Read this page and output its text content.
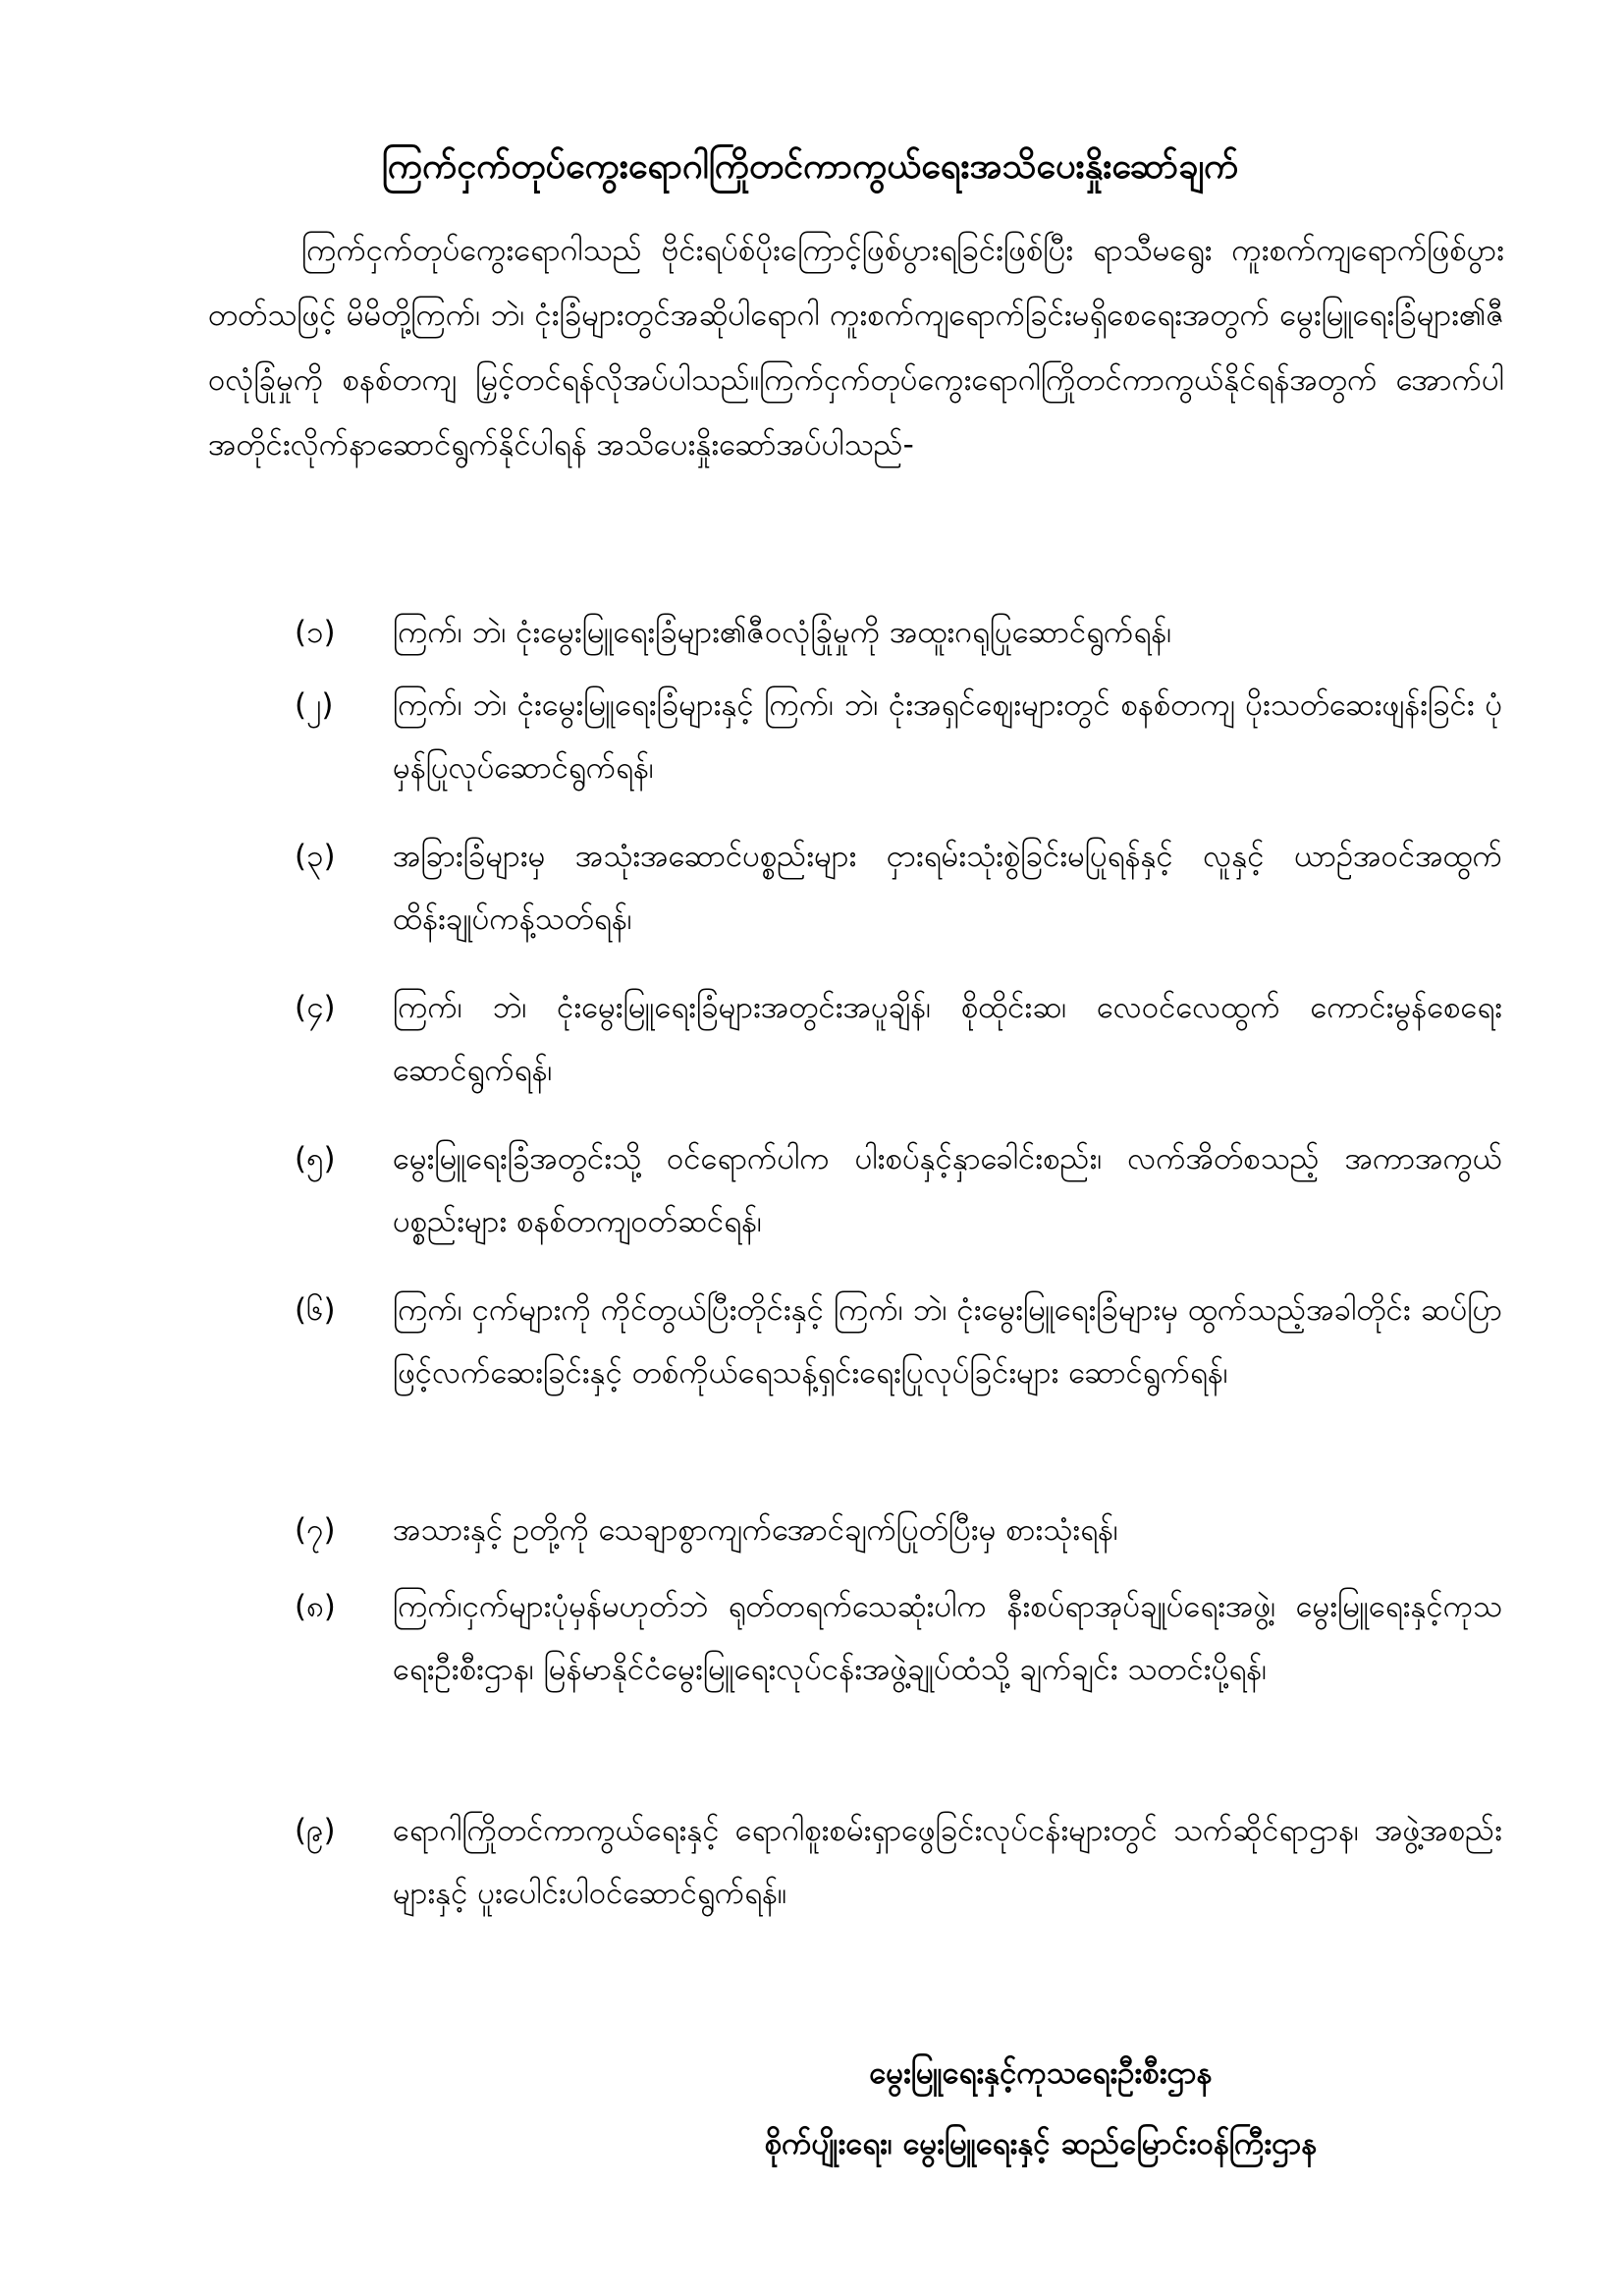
ကြက်ငှက်တုပ်ကွေးရောဂါကြိုတင်ကာကွယ်ရေးအသိပေးနှိုးဆော်ချက်

ကြက်ငှက်တုပ်ကွေးရောဂါသည် ဗိုင်းရပ်စ်ပိုးကြောင့်ဖြစ်ပွားရခြင်းဖြစ်ပြီး ရာသီမရွေး ကူးစက်ကျရောက်ဖြစ်ပွားတတ်သဖြင့် မိမိတို့ကြက်၊ ဘဲ၊ ငုံးခြံများတွင်အဆိုပါရောဂါ ကူးစက်ကျရောက်ခြင်းမရှိစေရေးအတွက် မွေးမြူရေးခြံများ၏ဇီဝလုံခြုံမှုကို စနစ်တကျ မြှင့်တင်ရန်လိုအပ်ပါသည်။ကြက်ငှက်တုပ်ကွေးရောဂါကြိုတင်ကာကွယ်နိုင်ရန်အတွက် အောက်ပါ အတိုင်းလိုက်နာဆောင်ရွက်နိုင်ပါရန် အသိပေးနှိုးဆော်အပ်ပါသည်-

(၁)	ကြက်၊ ဘဲ၊ ငုံးမွေးမြူရေးခြံများ၏ဇီဝလုံခြုံမှုကို အထူးဂရုပြုဆောင်ရွက်ရန်၊

(၂)	ကြက်၊ ဘဲ၊ ငုံးမွေးမြူရေးခြံများနှင့် ကြက်၊ ဘဲ၊ ငုံးအရှင်ဈေးများတွင် စနစ်တကျ ပိုးသတ်ဆေးဖျန်းခြင်း ပုံမှန်ပြုလုပ်ဆောင်ရွက်ရန်၊

(၃)	အခြားခြံများမှ အသုံးအဆောင်ပစ္စည်းများ ငှားရမ်းသုံးစွဲခြင်းမပြုရန်နှင့် လူနှင့် ယာဉ်အဝင်အထွက် ထိန်းချုပ်ကန့်သတ်ရန်၊

(၄)	ကြက်၊ ဘဲ၊ ငုံးမွေးမြူရေးခြံများအတွင်းအပူချိန်၊ စိုထိုင်းဆ၊ လေဝင်လေထွက် ကောင်းမွန်စေရေးဆောင်ရွက်ရန်၊

(၅)	မွေးမြူရေးခြံအတွင်းသို့ ဝင်ရောက်ပါက ပါးစပ်နှင့်နှာခေါင်းစည်း၊ လက်အိတ်စသည့် အကာအကွယ်ပစ္စည်းများ စနစ်တကျဝတ်ဆင်ရန်၊

(၆)	ကြက်၊ ငှက်များကို ကိုင်တွယ်ပြီးတိုင်းနှင့် ကြက်၊ ဘဲ၊ ငုံးမွေးမြူရေးခြံများမှ ထွက်သည့်အခါတိုင်း ဆပ်ပြာဖြင့်လက်ဆေးခြင်းနှင့် တစ်ကိုယ်ရေသန့်ရှင်းရေးပြုလုပ်ခြင်းများ ဆောင်ရွက်ရန်၊

(၇)	အသားနှင့် ဥတို့ကို သေချာစွာကျက်အောင်ချက်ပြုတ်ပြီးမှ စားသုံးရန်၊

(၈)	ကြက်၊ငှက်များပုံမှန်မဟုတ်ဘဲ ရုတ်တရက်သေဆုံးပါက နီးစပ်ရာအုပ်ချုပ်ရေးအဖွဲ့၊ မွေးမြူရေးနှင့်ကုသရေးဦးစီးဌာန၊ မြန်မာနိုင်ငံမွေးမြူရေးလုပ်ငန်းအဖွဲ့ချုပ်ထံသို့ ချက်ချင်း သတင်းပို့ရန်၊

(၉)	ရောဂါကြိုတင်ကာကွယ်ရေးနှင့် ရောဂါစူးစမ်းရှာဖွေခြင်းလုပ်ငန်းများတွင် သက်ဆိုင်ရာဌာန၊ အဖွဲ့အစည်းများနှင့် ပူးပေါင်းပါဝင်ဆောင်ရွက်ရန်။

မွေးမြူရေးနှင့်ကုသရေးဦးစီးဌာန
စိုက်ပျိုးရေး၊ မွေးမြူရေးနှင့် ဆည်မြောင်းဝန်ကြီးဌာန
